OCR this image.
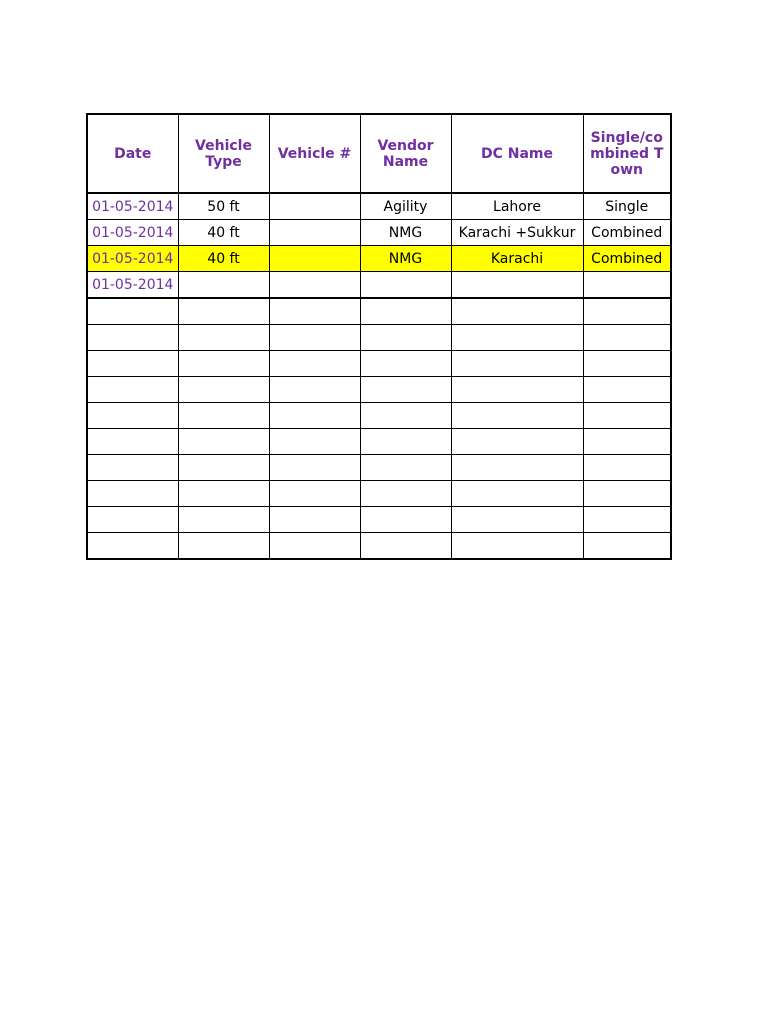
Date	Vehicle Type	Vehicle #	Vendor Name	DC Name	Single/co mbined Town
01-05-2014	50 ft		Agility	Lahore	Single
01-05-2014	40 ft		NMG	Karachi +Sukkur	Combined
01-05-2014	40 ft		NMG	Karachi	Combined
01-05-2014					
